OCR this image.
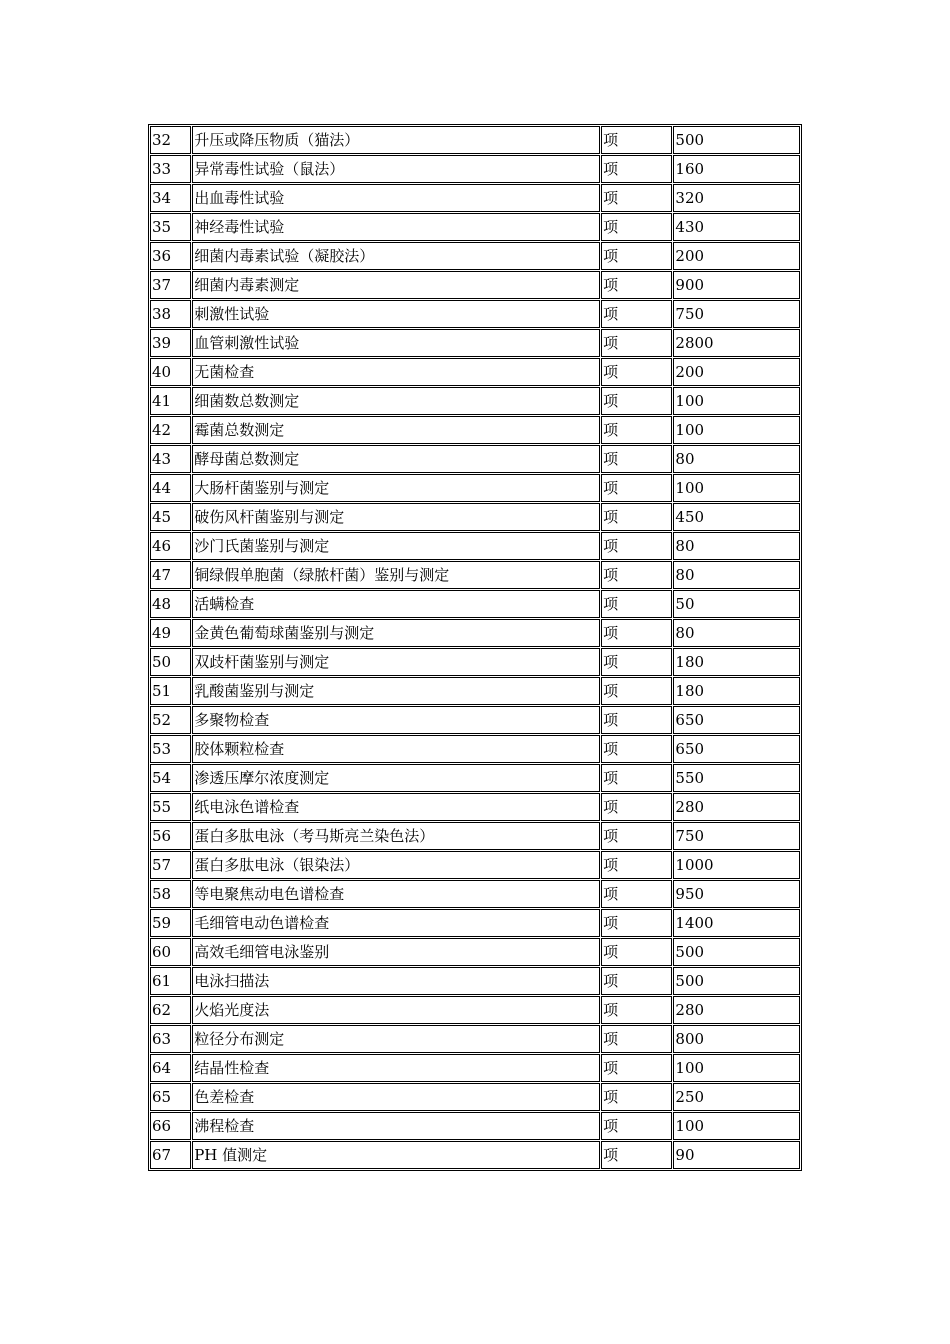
32	升压或降压物质（猫法）	项	500
33	异常毒性试验（鼠法）	项	160
34	出血毒性试验	项	320
35	神经毒性试验	项	430
36	细菌内毒素试验（凝胶法）	项	200
37	细菌内毒素测定	项	900
38	刺激性试验	项	750
39	血管刺激性试验	项	2800
40	无菌检查	项	200
41	细菌数总数测定	项	100
42	霉菌总数测定	项	100
43	酵母菌总数测定	项	80
44	大肠杆菌鉴别与测定	项	100
45	破伤风杆菌鉴别与测定	项	450
46	沙门氏菌鉴别与测定	项	80
47	铜绿假单胞菌（绿脓杆菌）鉴别与测定	项	80
48	活螨检查	项	50
49	金黄色葡萄球菌鉴别与测定	项	80
50	双歧杆菌鉴别与测定	项	180
51	乳酸菌鉴别与测定	项	180
52	多聚物检查	项	650
53	胶体颗粒检查	项	650
54	渗透压摩尔浓度测定	项	550
55	纸电泳色谱检查	项	280
56	蛋白多肽电泳（考马斯亮兰染色法）	项	750
57	蛋白多肽电泳（银染法）	项	1000
58	等电聚焦动电色谱检查	项	950
59	毛细管电动色谱检查	项	1400
60	高效毛细管电泳鉴别	项	500
61	电泳扫描法	项	500
62	火焰光度法	项	280
63	粒径分布测定	项	800
64	结晶性检查	项	100
65	色差检查	项	250
66	沸程检查	项	100
67	PH 值测定	项	90
